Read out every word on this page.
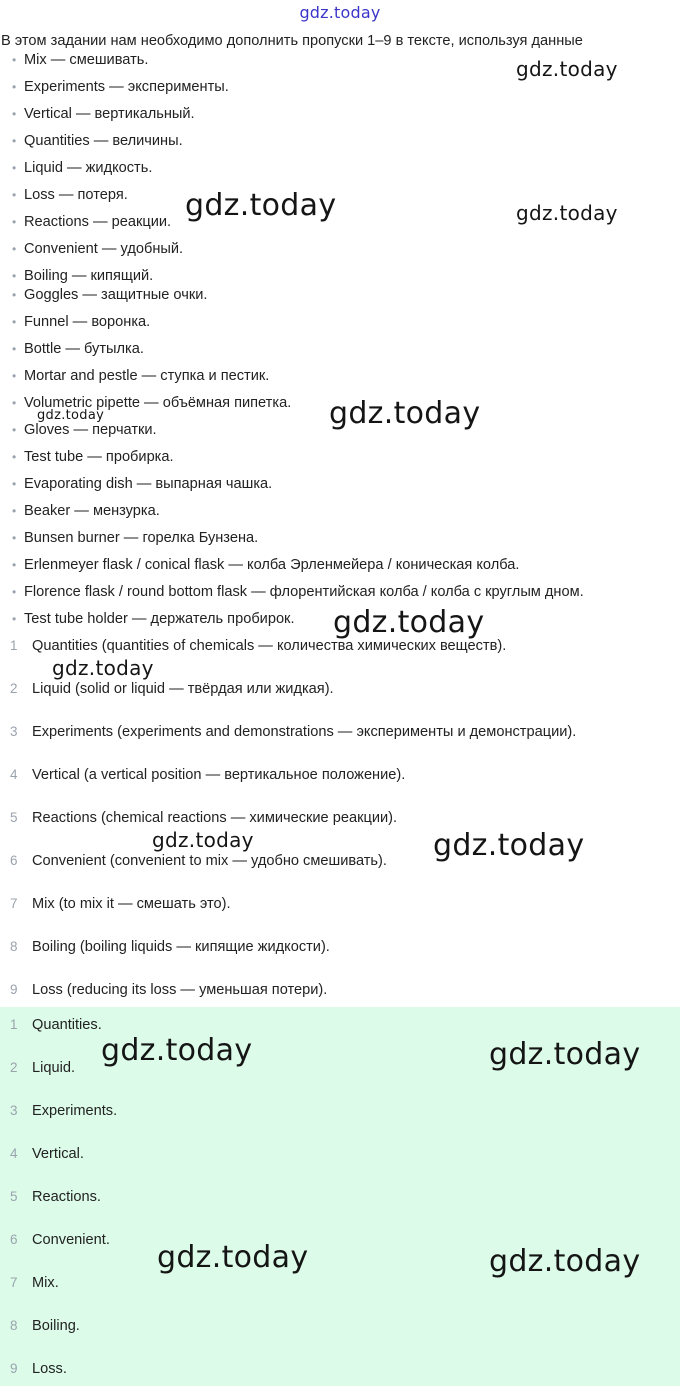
gdz.today
В этом задании нам необходимо дополнить пропуски 1–9 в тексте, используя данные
• Mix — смешивать.
• Experiments — эксперименты.
• Vertical — вертикальный.
• Quantities — величины.
• Liquid — жидкость.
• Loss — потеря.
• Reactions — реакции.
• Convenient — удобный.
• Boiling — кипящий.
• Goggles — защитные очки.
• Funnel — воронка.
• Bottle — бутылка.
• Mortar and pestle — ступка и пестик.
• Volumetric pipette — объёмная пипетка.
• Gloves — перчатки.
• Test tube — пробирка.
• Evaporating dish — выпарная чашка.
• Beaker — мензурка.
• Bunsen burner — горелка Бунзена.
• Erlenmeyer flask / conical flask — колба Эрленмейера / коническая колба.
• Florence flask / round bottom flask — флорентийская колба / колба с круглым дном.
• Test tube holder — держатель пробирок.
1 Quantities (quantities of chemicals — количества химических веществ).
2 Liquid (solid or liquid — твёрдая или жидкая).
3 Experiments (experiments and demonstrations — эксперименты и демонстрации).
4 Vertical (a vertical position — вертикальное положение).
5 Reactions (chemical reactions — химические реакции).
6 Convenient (convenient to mix — удобно смешивать).
7 Mix (to mix it — смешать это).
8 Boiling (boiling liquids — кипящие жидкости).
9 Loss (reducing its loss — уменьшая потери).
1 Quantities.
2 Liquid.
3 Experiments.
4 Vertical.
5 Reactions.
6 Convenient.
7 Mix.
8 Boiling.
9 Loss.
gdz.today
gdz.today	gdz.today
gdz.today
gdz.today
gdz.today
gdz.today
gdz.today	gdz.today
gdz.today	gdz.today
gdz.today	gdz.today
